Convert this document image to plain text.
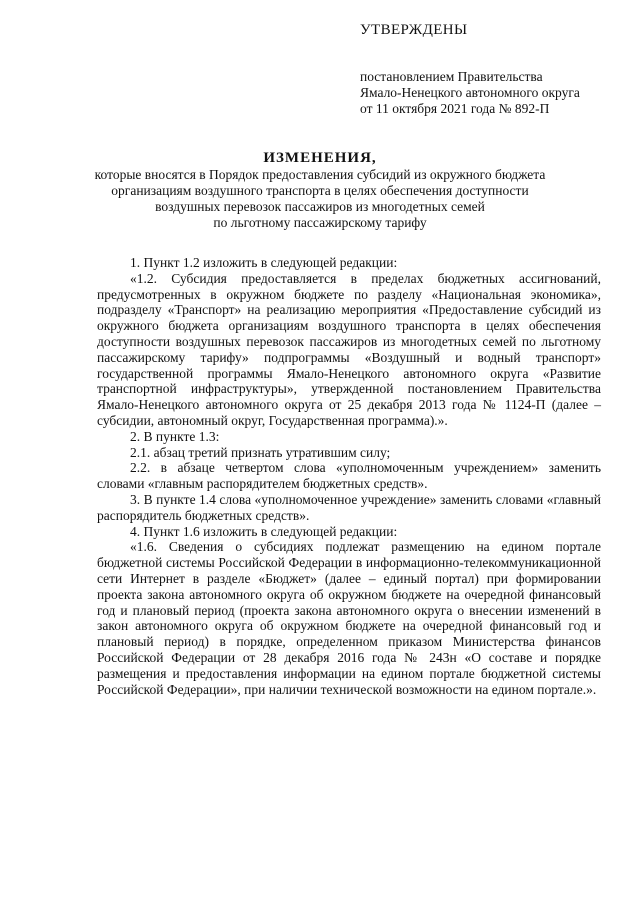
УТВЕРЖДЕНЫ
постановлением Правительства
Ямало-Ненецкого автономного округа
от 11 октября 2021 года № 892-П
ИЗМЕНЕНИЯ,
которые вносятся в Порядок предоставления субсидий из окружного бюджета
организациям воздушного транспорта в целях обеспечения доступности
воздушных перевозок пассажиров из многодетных семей
по льготному пассажирскому тарифу

1. Пункт 1.2 изложить в следующей редакции:

«1.2. Субсидия предоставляется в пределах бюджетных ассигнований, предусмотренных в окружном бюджете по разделу «Национальная экономика», подразделу «Транспорт» на реализацию мероприятия «Предоставление субсидий из окружного бюджета организациям воздушного транспорта в целях обеспечения доступности воздушных перевозок пассажиров из многодетных семей по льготному пассажирскому тарифу» подпрограммы «Воздушный и водный транспорт» государственной программы Ямало-Ненецкого автономного округа «Развитие транспортной инфраструктуры», утвержденной постановлением Правительства Ямало-Ненецкого автономного округа от 25 декабря 2013 года № 1124-П (далее – субсидии, автономный округ, Государственная программа).».

2. В пункте 1.3:

2.1. абзац третий признать утратившим силу;

2.2. в абзаце четвертом слова «уполномоченным учреждением» заменить словами «главным распорядителем бюджетных средств».

3. В пункте 1.4 слова «уполномоченное учреждение» заменить словами «главный распорядитель бюджетных средств».

4. Пункт 1.6 изложить в следующей редакции:

«1.6. Сведения о субсидиях подлежат размещению на едином портале бюджетной системы Российской Федерации в информационно-телекоммуникационной сети Интернет в разделе «Бюджет» (далее – единый портал) при формировании проекта закона автономного округа об окружном бюджете на очередной финансовый год и плановый период (проекта закона автономного округа о внесении изменений в закон автономного округа об окружном бюджете на очередной финансовый год и плановый период) в порядке, определенном приказом Министерства финансов Российской Федерации от 28 декабря 2016 года № 243н «О составе и порядке размещения и предоставления информации на едином портале бюджетной системы Российской Федерации», при наличии технической возможности на едином портале.».
